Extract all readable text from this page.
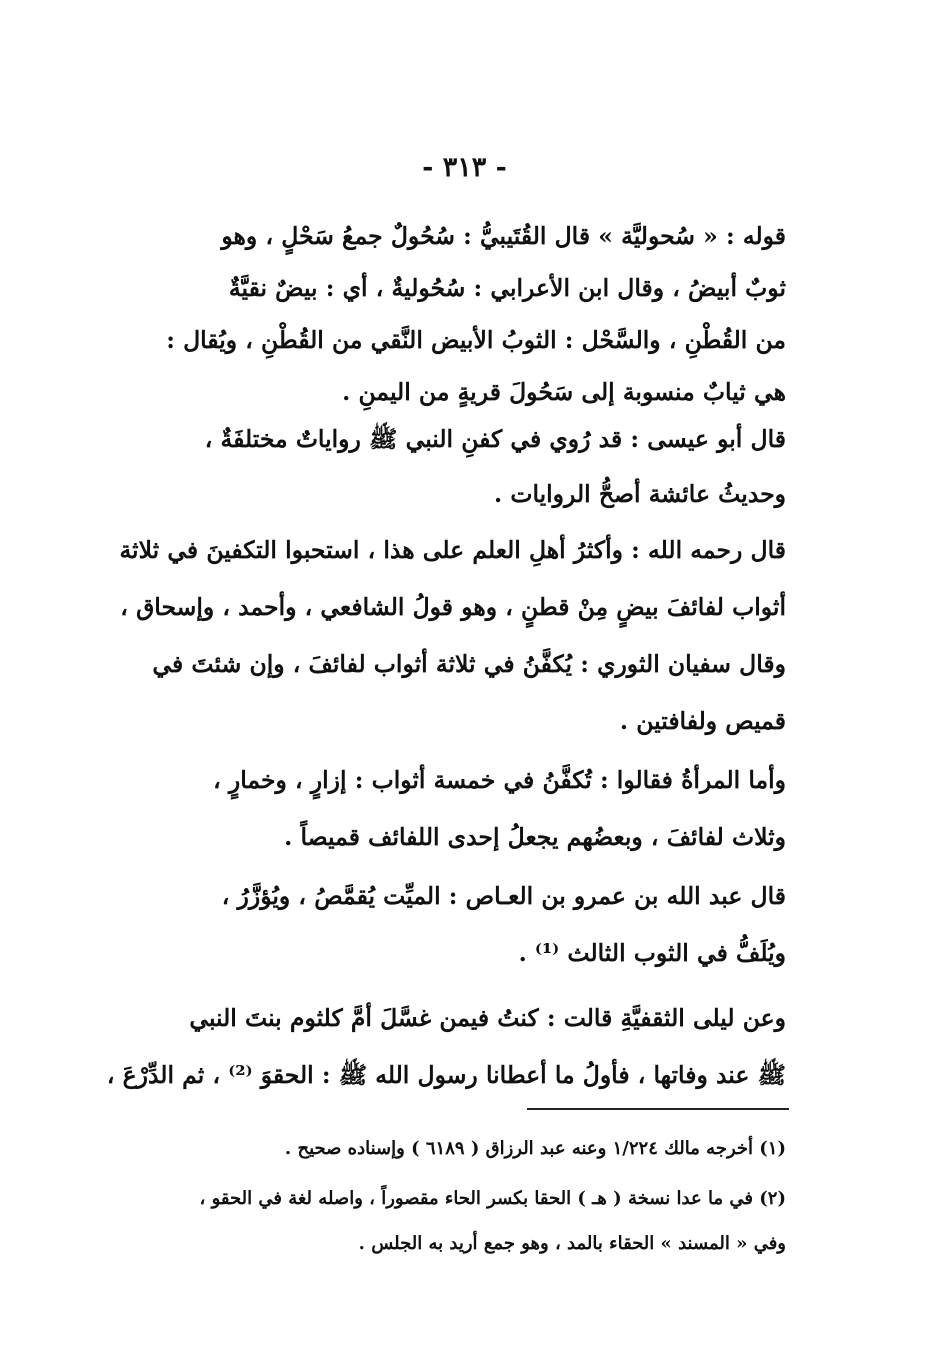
- ٣١٣ -
قوله : « سُحوليَّة » قال القُتَيبيُّ : سُحُولٌ جمعُ سَحْلٍ ، وهو
ثوبٌ أبيضُ ، وقال ابن الأعرابي : سُحُوليةٌ ، أي : بيضٌ نقيَّةٌ
من القُطْنِ ، والسَّحْل : الثوبُ الأبيض النَّقي من القُطْنِ ، ويُقال :
هي ثيابٌ منسوبة إلى سَحُولَ قريةٍ من اليمنِ .
قال أبو عيسى : قد رُوي في كفنِ النبي ﷺ رواياتٌ مختلفَةٌ ،
وحديثُ عائشة أصحُّ الروايات .
قال رحمه الله : وأكثرُ أهلِ العلم على هذا ، استحبوا التكفينَ في ثلاثة
أثواب لفائفَ بيضٍ مِنْ قطنٍ ، وهو قولُ الشافعي ، وأحمد ، وإسحاق ،
وقال سفيان الثوري : يُكفَّنُ في ثلاثة أثواب لفائفَ ، وإن شئتَ في
قميص ولفافتين .
وأما المرأةُ فقالوا : تُكفَّنُ في خمسة أثواب : إزارٍ ، وخمارٍ ،
وثلاث لفائفَ ، وبعضُهم يجعلُ إحدى اللفائف قميصاً .
قال عبد الله بن عمرو بن العـاص : الميِّت يُقمَّصُ ، ويُؤزَّرُ ،
ويُلَفُّ في الثوب الثالث ⁽¹⁾ .
وعن ليلى الثقفيَّةِ قالت : كنتُ فيمن غسَّلَ أمَّ كلثوم بنتَ النبي
ﷺ عند وفاتها ، فأولُ ما أعطانا رسول الله ﷺ : الحقوَ ⁽²⁾ ، ثم الدِّرْعَ ،
(١) أخرجه مالك ١/٢٢٤ وعنه عبد الرزاق ( ٦١٨٩ ) وإسناده صحيح .
(٢) في ما عدا نسخة ( هـ ) الحقا بكسر الحاء مقصوراً ، واصله لغة في الحقو ،
وفي « المسند » الحقاء بالمد ، وهو جمع أريد به الجلس .
